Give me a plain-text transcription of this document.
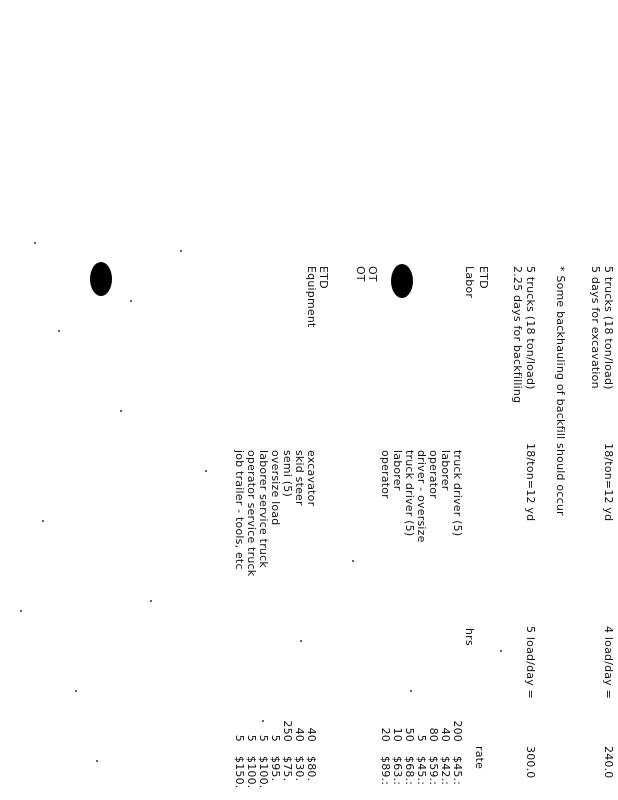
5 trucks (18 ton/load)
18/ton=12 yd
4 load/day =
240.0
5 days for excavation
* Some backhauling of backfill should occur
5 trucks (18 ton/load)
18/ton=12 yd
5 load/day =
300.0
2.25 days for backfilling
ETD
Labor
OT
OT
ETD
Equipment
hrs
rate
truck driver (5)
200
$45.:
laborer
40
$42.:
operator
80
$59.:
driver - oversize
5
$45.:
truck driver (5)
50
$68.:
laborer
10
$63.:
operator
20
$89.:
excavator
40
$80.
skid steer
40
$30.
semi (5)
250
$75.
oversize load
5
$95.
laborer service truck
5
$100.
operator service truck
5
$100.
job trailer - tools, etc
5
$150.
